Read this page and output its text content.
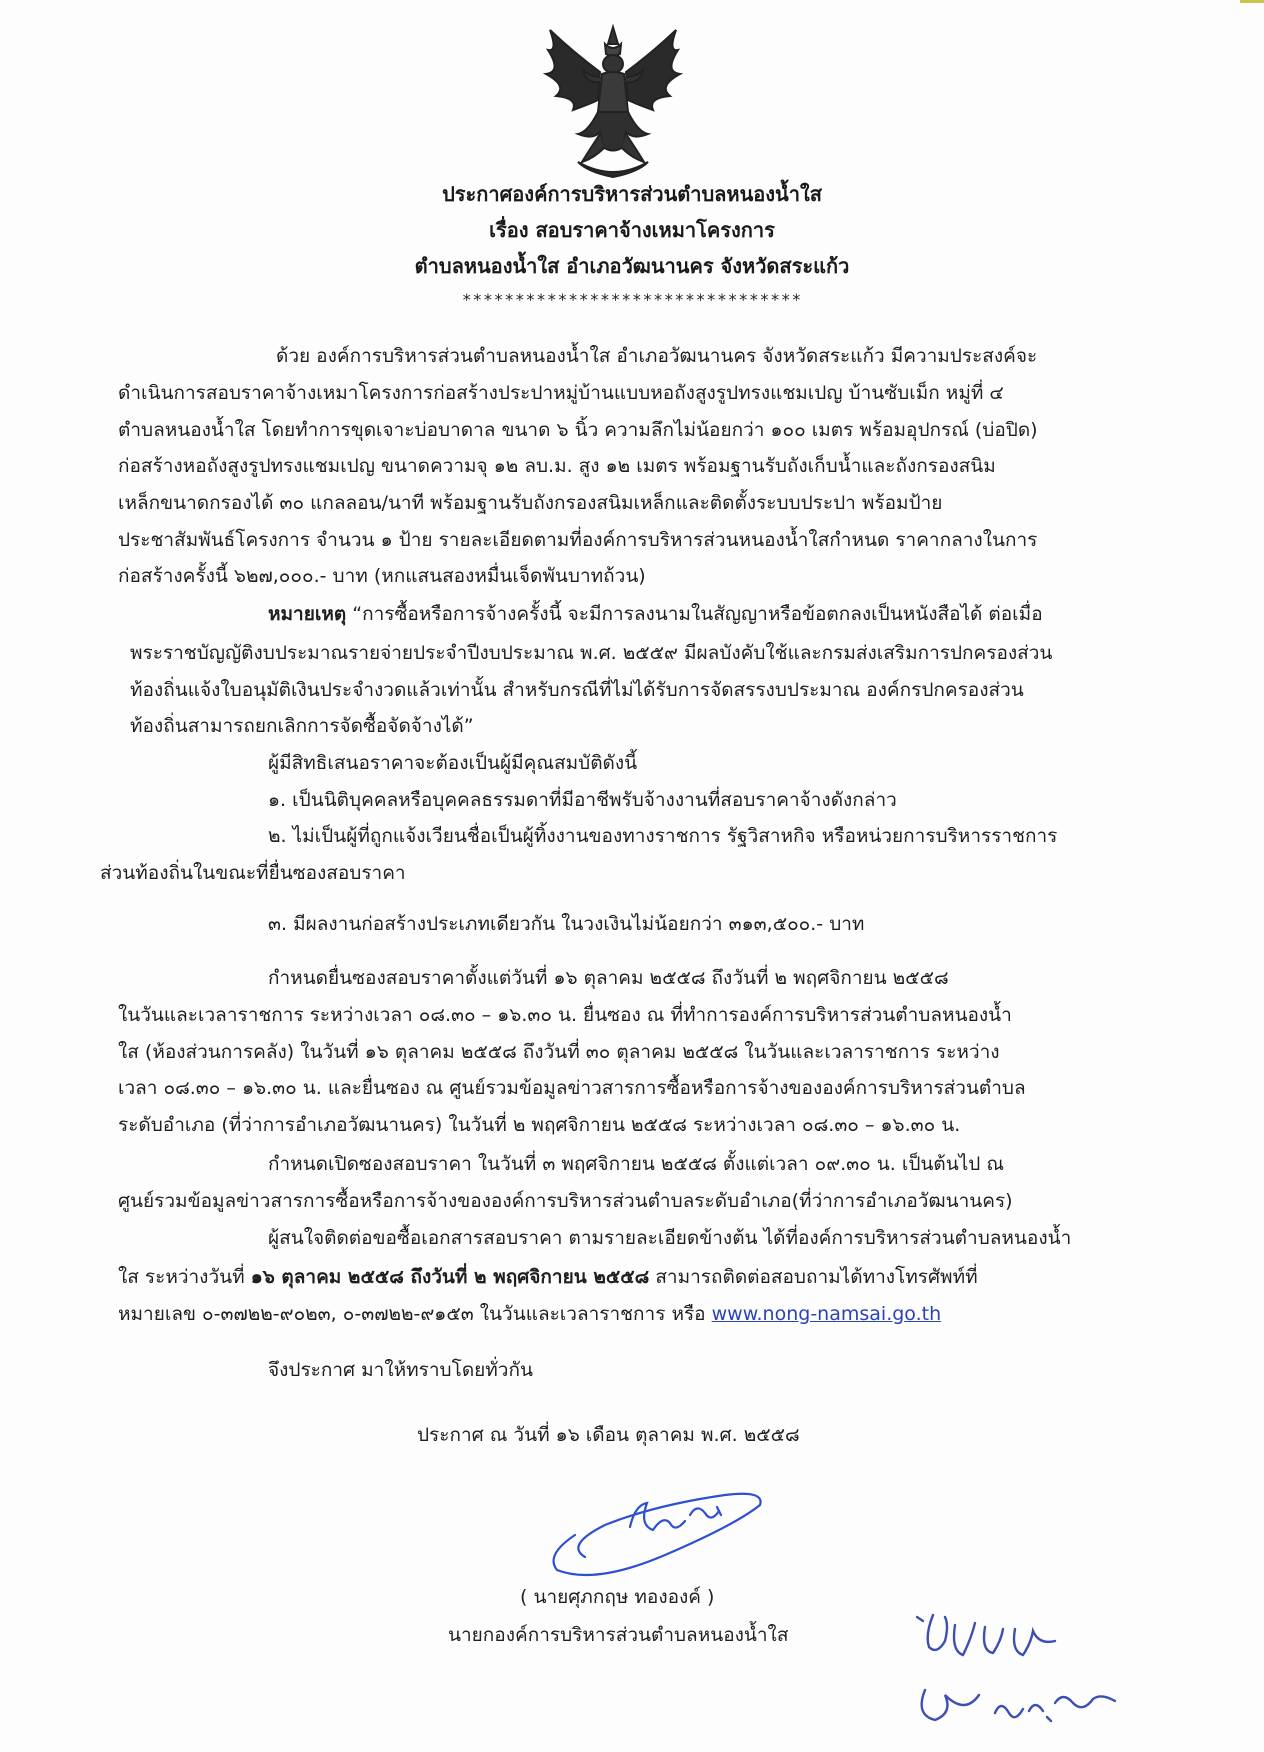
ประกาศองค์การบริหารส่วนตำบลหนองน้ำใส
เรื่อง สอบราคาจ้างเหมาโครงการ
ตำบลหนองน้ำใส อำเภอวัฒนานคร จังหวัดสระแก้ว
********************************
ด้วย องค์การบริหารส่วนตำบลหนองน้ำใส อำเภอวัฒนานคร จังหวัดสระแก้ว มีความประสงค์จะ
ดำเนินการสอบราคาจ้างเหมาโครงการก่อสร้างประปาหมู่บ้านแบบหอถังสูงรูปทรงแชมเปญ บ้านซับเม็ก หมู่ที่ ๔
ตำบลหนองน้ำใส โดยทำการขุดเจาะบ่อบาดาล ขนาด ๖ นิ้ว ความลึกไม่น้อยกว่า ๑๐๐ เมตร พร้อมอุปกรณ์ (บ่อปิด)
ก่อสร้างหอถังสูงรูปทรงแชมเปญ ขนาดความจุ ๑๒ ลบ.ม. สูง ๑๒ เมตร พร้อมฐานรับถังเก็บน้ำและถังกรองสนิม
เหล็กขนาดกรองได้ ๓๐ แกลลอน/นาที พร้อมฐานรับถังกรองสนิมเหล็กและติดตั้งระบบประปา พร้อมป้าย
ประชาสัมพันธ์โครงการ จำนวน ๑ ป้าย รายละเอียดตามที่องค์การบริหารส่วนหนองน้ำใสกำหนด ราคากลางในการ
ก่อสร้างครั้งนี้ ๖๒๗,๐๐๐.- บาท (หกแสนสองหมื่นเจ็ดพันบาทถ้วน)
หมายเหตุ “การซื้อหรือการจ้างครั้งนี้ จะมีการลงนามในสัญญาหรือข้อตกลงเป็นหนังสือได้ ต่อเมื่อ
พระราชบัญญัติงบประมาณรายจ่ายประจำปีงบประมาณ พ.ศ. ๒๕๕๙ มีผลบังคับใช้และกรมส่งเสริมการปกครองส่วน
ท้องถิ่นแจ้งใบอนุมัติเงินประจำงวดแล้วเท่านั้น สำหรับกรณีที่ไม่ได้รับการจัดสรรงบประมาณ องค์กรปกครองส่วน
ท้องถิ่นสามารถยกเลิกการจัดซื้อจัดจ้างได้”
ผู้มีสิทธิเสนอราคาจะต้องเป็นผู้มีคุณสมบัติดังนี้
๑. เป็นนิติบุคคลหรือบุคคลธรรมดาที่มีอาชีพรับจ้างงานที่สอบราคาจ้างดังกล่าว
๒. ไม่เป็นผู้ที่ถูกแจ้งเวียนชื่อเป็นผู้ทิ้งงานของทางราชการ รัฐวิสาหกิจ หรือหน่วยการบริหารราชการ
ส่วนท้องถิ่นในขณะที่ยื่นซองสอบราคา
๓. มีผลงานก่อสร้างประเภทเดียวกัน ในวงเงินไม่น้อยกว่า ๓๑๓,๕๐๐.- บาท
กำหนดยื่นซองสอบราคาตั้งแต่วันที่ ๑๖ ตุลาคม ๒๕๕๘ ถึงวันที่ ๒ พฤศจิกายน ๒๕๕๘
ในวันและเวลาราชการ ระหว่างเวลา ๐๘.๓๐ – ๑๖.๓๐ น. ยื่นซอง ณ ที่ทำการองค์การบริหารส่วนตำบลหนองน้ำ
ใส (ห้องส่วนการคลัง) ในวันที่ ๑๖ ตุลาคม ๒๕๕๘ ถึงวันที่ ๓๐ ตุลาคม ๒๕๕๘ ในวันและเวลาราชการ ระหว่าง
เวลา ๐๘.๓๐ – ๑๖.๓๐ น. และยื่นซอง ณ ศูนย์รวมข้อมูลข่าวสารการซื้อหรือการจ้างขององค์การบริหารส่วนตำบล
ระดับอำเภอ (ที่ว่าการอำเภอวัฒนานคร) ในวันที่ ๒ พฤศจิกายน ๒๕๕๘ ระหว่างเวลา ๐๘.๓๐ – ๑๖.๓๐ น.
กำหนดเปิดซองสอบราคา ในวันที่ ๓ พฤศจิกายน ๒๕๕๘ ตั้งแต่เวลา ๐๙.๓๐ น. เป็นต้นไป ณ
ศูนย์รวมข้อมูลข่าวสารการซื้อหรือการจ้างขององค์การบริหารส่วนตำบลระดับอำเภอ(ที่ว่าการอำเภอวัฒนานคร)
ผู้สนใจติดต่อขอซื้อเอกสารสอบราคา ตามรายละเอียดข้างต้น ได้ที่องค์การบริหารส่วนตำบลหนองน้ำ
ใส ระหว่างวันที่ ๑๖ ตุลาคม ๒๕๕๘ ถึงวันที่ ๒ พฤศจิกายน ๒๕๕๘ สามารถติดต่อสอบถามได้ทางโทรศัพท์ที่
หมายเลข ๐-๓๗๒๒-๙๐๒๓, ๐-๓๗๒๒-๙๑๕๓ ในวันและเวลาราชการ หรือ www.nong-namsai.go.th
จึงประกาศ มาให้ทราบโดยทั่วกัน
ประกาศ ณ วันที่ ๑๖ เดือน ตุลาคม พ.ศ. ๒๕๕๘
( นายศุภกฤษ ทององค์ )
นายกองค์การบริหารส่วนตำบลหนองน้ำใส
